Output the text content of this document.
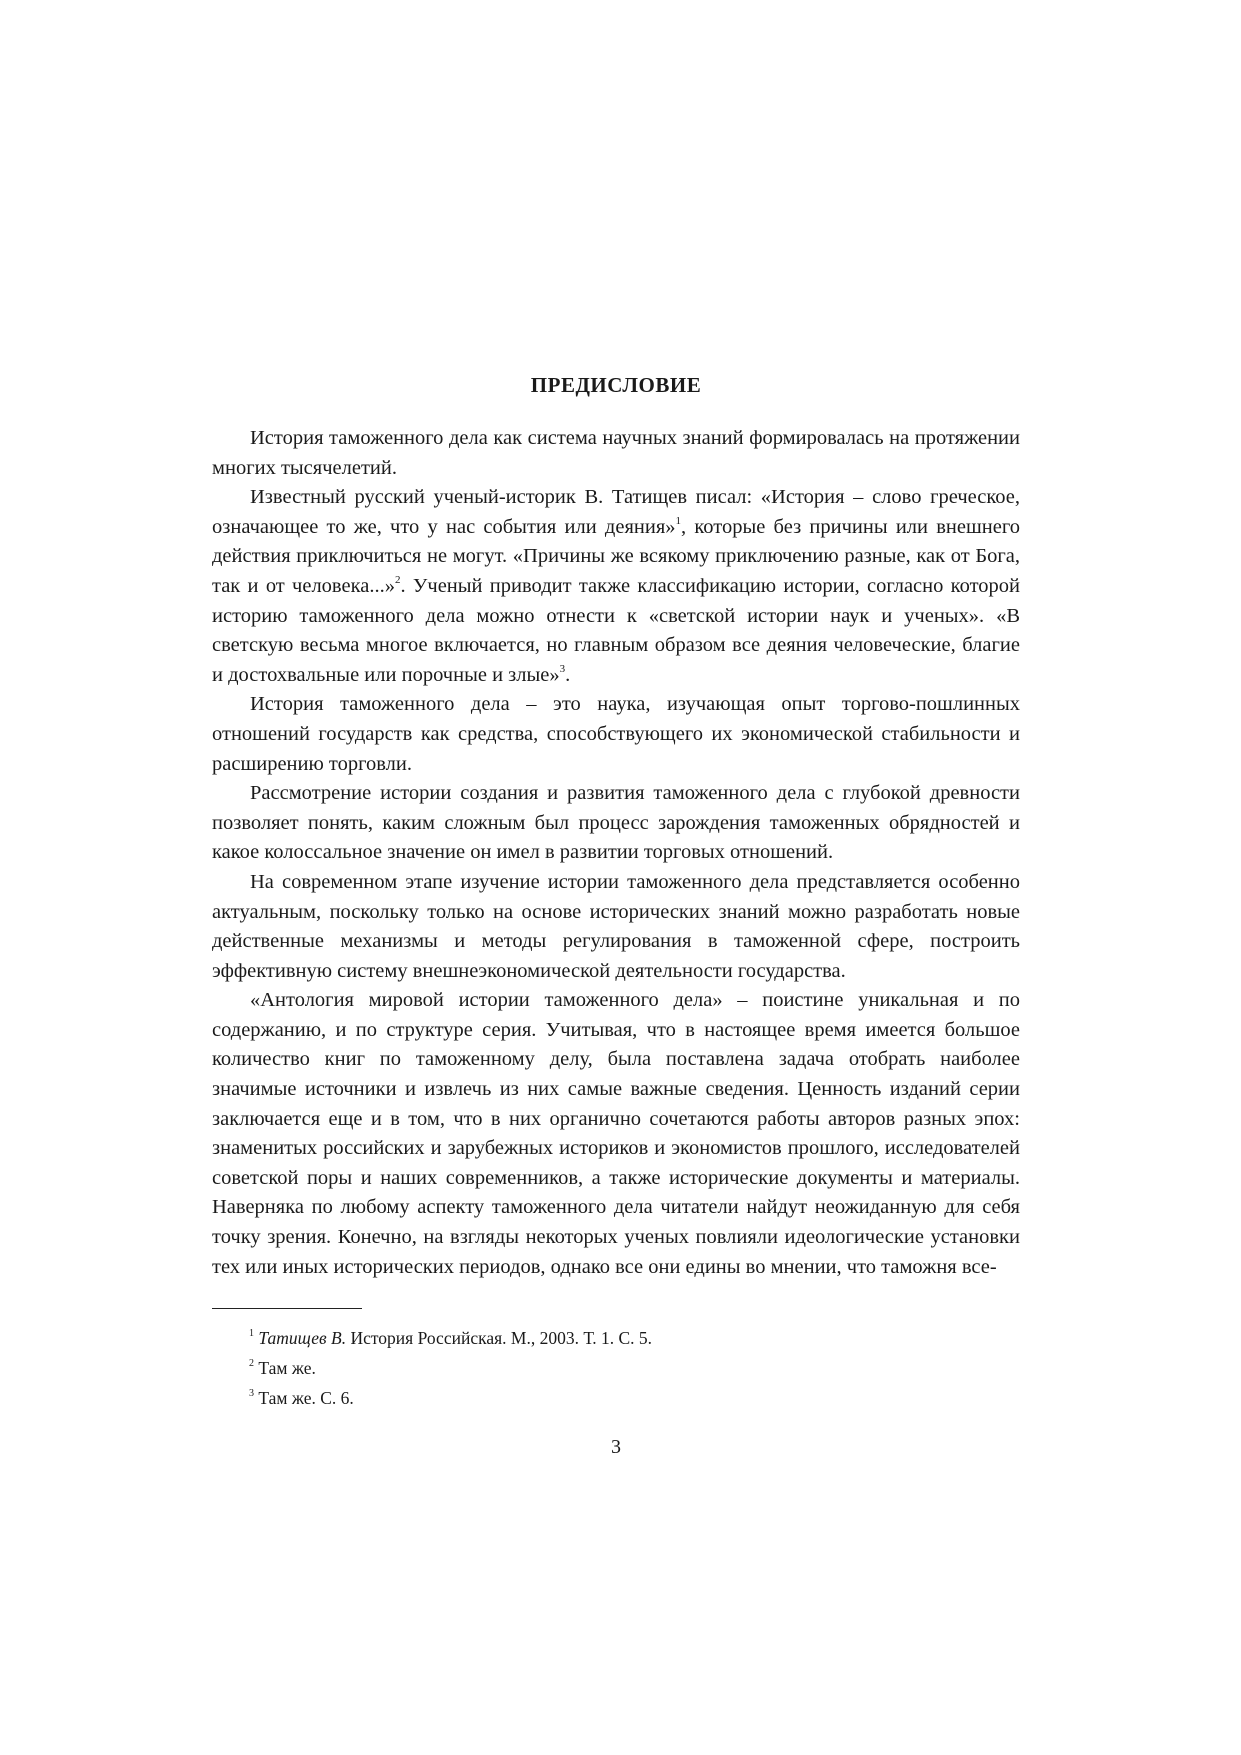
ПРЕДИСЛОВИЕ

История таможенного дела как система научных знаний формировалась на протяжении многих тысячелетий.

Известный русский ученый-историк В. Татищев писал: «История – слово греческое, означающее то же, что у нас события или деяния»$^1$, которые без причины или внешнего действия приключиться не могут. «Причины же всякому приключению разные, как от Бога, так и от человека...»$^2$. Ученый приводит также классификацию истории, согласно которой историю таможенного дела можно отнести к «светской истории наук и ученых». «В светскую весьма многое включается, но главным образом все деяния человеческие, благие и достохвальные или порочные и злые»$^3$.

История таможенного дела – это наука, изучающая опыт торгово-пошлинных отношений государств как средства, способствующего их экономической стабильности и расширению торговли.

Рассмотрение истории создания и развития таможенного дела с глубокой древности позволяет понять, каким сложным был процесс зарождения таможенных обрядностей и какое колоссальное значение он имел в развитии торговых отношений.

На современном этапе изучение истории таможенного дела представляется особенно актуальным, поскольку только на основе исторических знаний можно разработать новые действенные механизмы и методы регулирования в таможенной сфере, построить эффективную систему внешнеэкономической деятельности государства.

«Антология мировой истории таможенного дела» – поистине уникальная и по содержанию, и по структуре серия. Учитывая, что в настоящее время имеется большое количество книг по таможенному делу, была поставлена задача отобрать наиболее значимые источники и извлечь из них самые важные сведения. Ценность изданий серии заключается еще и в том, что в них органично сочетаются работы авторов разных эпох: знаменитых российских и зарубежных историков и экономистов прошлого, исследователей советской поры и наших современников, а также исторические документы и материалы. Наверняка по любому аспекту таможенного дела читатели найдут неожиданную для себя точку зрения. Конечно, на взгляды некоторых ученых повлияли идеологические установки тех или иных исторических периодов, однако все они едины во мнении, что таможня все-

$^1$ Татищев В. История Российская. М., 2003. Т. 1. С. 5.
$^2$ Там же.
$^3$ Там же. С. 6.
3
